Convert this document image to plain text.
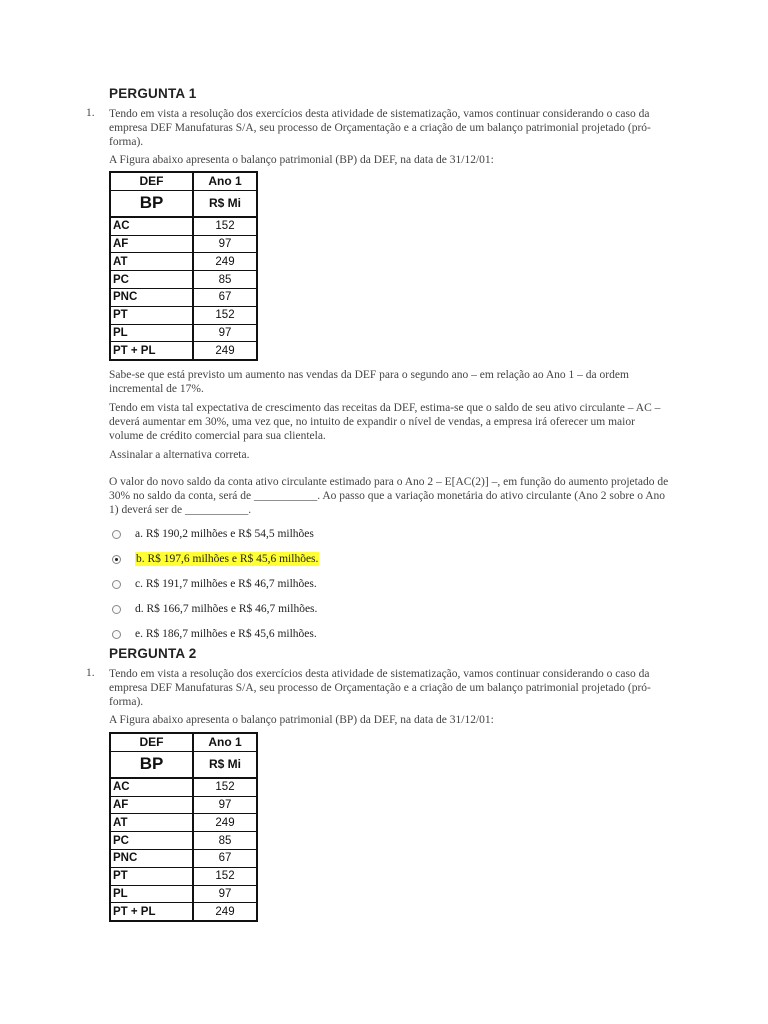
PERGUNTA 1
1. Tendo em vista a resolução dos exercícios desta atividade de sistematização, vamos continuar considerando o caso da empresa DEF Manufaturas S/A, seu processo de Orçamentação e a criação de um balanço patrimonial projetado (pró-forma).
A Figura abaixo apresenta o balanço patrimonial (BP) da DEF, na data de 31/12/01:
DEF	Ano 1
BP	R$ Mi
AC	152
AF	97
AT	249
PC	85
PNC	67
PT	152
PL	97
PT + PL	249
Sabe-se que está previsto um aumento nas vendas da DEF para o segundo ano – em relação ao Ano 1 – da ordem incremental de 17%.
Tendo em vista tal expectativa de crescimento das receitas da DEF, estima-se que o saldo de seu ativo circulante – AC – deverá aumentar em 30%, uma vez que, no intuito de expandir o nível de vendas, a empresa irá oferecer um maior volume de crédito comercial para sua clientela.
Assinalar a alternativa correta.
O valor do novo saldo da conta ativo circulante estimado para o Ano 2 – E[AC(2)] –, em função do aumento projetado de 30% no saldo da conta, será de ___________. Ao passo que a variação monetária do ativo circulante (Ano 2 sobre o Ano 1) deverá ser de ___________.
a.
R$ 190,2 milhões e R$ 54,5 milhões
b. R$ 197,6 milhões e R$ 45,6 milhões.
c.
R$ 191,7 milhões e R$ 46,7 milhões.
d.
R$ 166,7 milhões e R$ 46,7 milhões.
e.
R$ 186,7 milhões e R$ 45,6 milhões.
PERGUNTA 2
1. Tendo em vista a resolução dos exercícios desta atividade de sistematização, vamos continuar considerando o caso da empresa DEF Manufaturas S/A, seu processo de Orçamentação e a criação de um balanço patrimonial projetado (pró-forma).
A Figura abaixo apresenta o balanço patrimonial (BP) da DEF, na data de 31/12/01:
DEF	Ano 1
BP	R$ Mi
AC	152
AF	97
AT	249
PC	85
PNC	67
PT	152
PL	97
PT + PL	249
